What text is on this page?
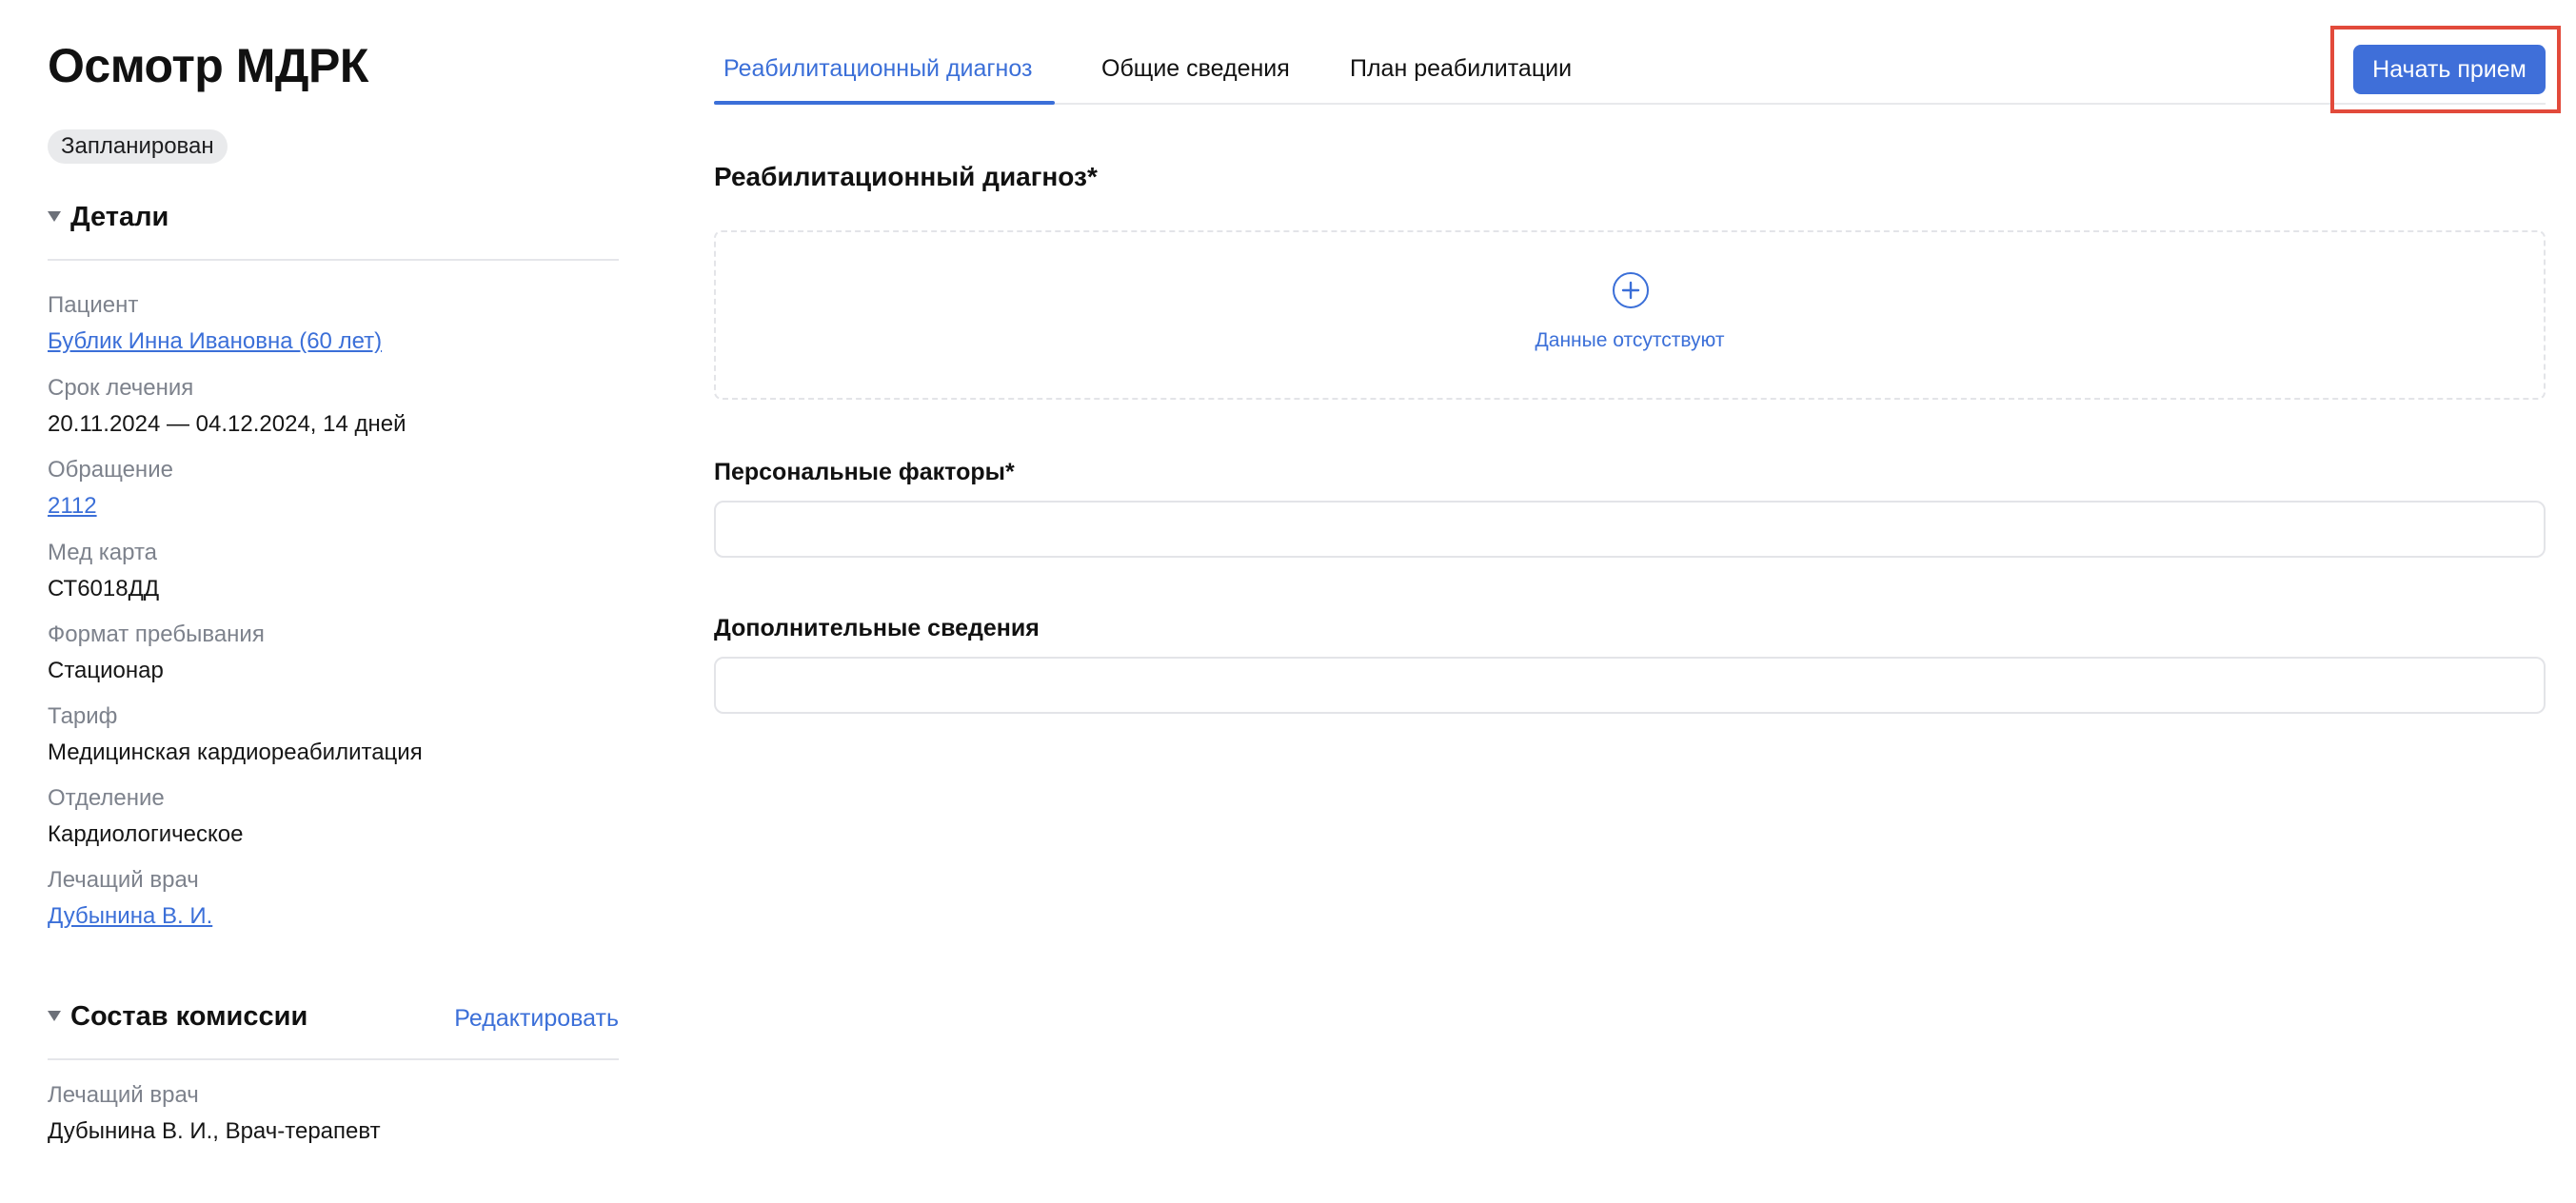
Осмотр МДРК
Запланирован
Детали
Пациент
Бублик Инна Ивановна (60 лет)
Срок лечения
20.11.2024 — 04.12.2024, 14 дней
Обращение
2112
Мед карта
СТ6018ДД
Формат пребывания
Стационар
Тариф
Медицинская кардиореабилитация
Отделение
Кардиологическое
Лечащий врач
Дубынина В. И.
Состав комиссии	Редактировать
Лечащий врач
Дубынина В. И., Врач-терапевт
Реабилитационный диагноз	Общие сведения	План реабилитации	Начать прием
Реабилитационный диагноз*
Данные отсутствуют
Персональные факторы*
Дополнительные сведения
